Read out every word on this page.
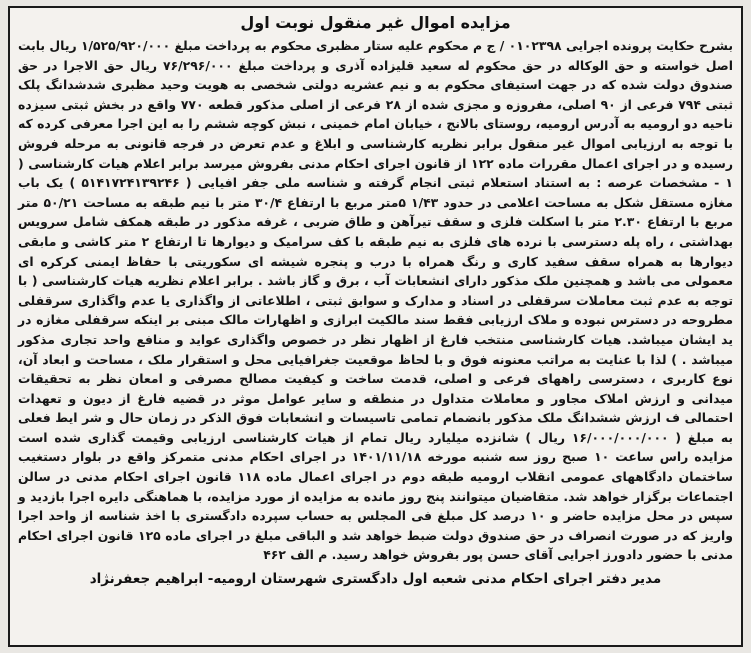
مزایده اموال غیر منقول نوبت اول

بشرح حکایت پرونده اجرایی ۰۱۰۲۳۹۸ / ج م محکوم علیه ستار مظبری محکوم به پرداخت مبلغ ۱/۵۲۵/۹۲۰/۰۰۰ ریال بابت اصل خواسته و حق الوکاله در حق محکوم له سعید قلیزاده آذری و پرداخت مبلغ ۷۶/۲۹۶/۰۰۰ ریال حق الاجرا در حق صندوق دولت شده که در جهت استیفای محکوم به و نیم عشریه دولتی شخصی به هویت وحید مظبری شدشدانگ پلک ثبتی ۷۹۴ فرعی از ۹۰ اصلی، مفروزه و مجزی شده از ۲۸ فرعی از اصلی مذکور قطعه ۷۷۰ واقع در بخش ثبتی سیزده ناحیه دو ارومیه به آدرس ارومیه، روستای بالانج ، خیابان امام خمینی ، نبش کوچه ششم را به این اجرا معرفی کرده که با توجه به ارزیابی اموال غیر منقول برابر نظریه کارشناسی و ابلاغ و عدم تعرض در فرجه قانونی به مرحله فروش رسیده و در اجرای اعمال مقررات ماده ۱۲۲ از قانون اجرای احکام مدنی بفروش میرسد برابر اعلام هیات کارشناسی ( ۱ - مشخصات عرصه : به استناد استعلام ثبتی انجام گرفته و شناسه ملی جفر افیایی ( ۵۱۴۱۷۲۴۱۳۹۲۴۶ ) یک باب مغازه مستقل شکل به مساحت اعلامی در حدود ۱/۴۳ ۵متر مربع با ارتفاع ۳۰/۴ متر با نیم طبقه به مساحت ۵۰/۲۱ متر مربع با ارتفاع ۲.۳۰ متر با اسکلت فلزی و سقف تیرآهن و طاق ضربی ، غرفه مذکور در طبقه همکف شامل سرویس بهداشتی ، راه پله دسترسی با نرده های فلزی به نیم طبقه با کف سرامیک و دیوارها تا ارتفاع ۲ متر کاشی و مابقی دیوارها به همراه سقف سفید کاری و رنگ همراه با درب و پنجره شیشه ای سکوریتی با حفاظ ایمنی کرکره ای معمولی می باشد و همچنین ملک مذکور دارای انشعابات آب ، برق و گاز باشد . برابر اعلام نظریه هیات کارشناسی ( با توجه به عدم ثبت معاملات سرقفلی در اسناد و مدارک و سوابق ثبتی ، اطلاعاتی از واگذاری یا عدم واگذاری سرقفلی مطروحه در دسترس نبوده و ملاک ارزیابی فقط سند مالکیت ابرازی و اظهارات مالک مبنی بر اینکه سرقفلی مغازه در ید ایشان میباشد. هیات کارشناسی منتخب فارغ از اظهار نظر در خصوص واگذاری عواید و منافع واحد تجاری مذکور میباشد . ) لذا با عنایت به مراتب معنونه فوق و با لحاظ موقعیت جغرافیایی محل و استقرار ملک ، مساحت و ابعاد آن، نوع کاربری ، دسترسی راههای فرعی و اصلی، قدمت ساخت و کیفیت مصالح مصرفی و امعان نظر به تحقیقات میدانی و ارزش املاک مجاور و معاملات متداول در منطقه و سایر عوامل موثر در قضیه فارغ از دیون و تعهدات احتمالی ف ارزش ششدانگ ملک مذکور بانضمام تمامی تاسیسات و انشعابات فوق الذکر در زمان حال و شر ایط فعلی به مبلغ ( ۱۶/۰۰۰/۰۰۰/۰۰۰ ریال ) شانزده میلیارد ریال تمام از هیات کارشناسی ارزیابی وقیمت گذاری شده است مزایده راس ساعت ۱۰ صبح روز سه شنبه مورخه ۱۴۰۱/۱۱/۱۸ در اجرای احکام مدنی متمرکز واقع در بلوار دستغیب ساختمان دادگاههای عمومی انقلاب ارومیه طبقه دوم در اجرای اعمال ماده ۱۱۸ قانون اجرای احکام مدنی در سالن اجتماعات برگزار خواهد شد. متقاضیان میتوانند پنج روز مانده به مزایده از مورد مزایده، با هماهنگی دایره اجرا بازدید و سپس در محل مزایده حاضر و ۱۰ درصد کل مبلغ فی المجلس به حساب سپرده دادگستری با اخذ شناسه از واحد اجرا واریز که در صورت انصراف در حق صندوق دولت ضبط خواهد شد و الباقی مبلغ در اجرای ماده ۱۲۵ قانون اجرای احکام مدنی با حضور دادورز اجرایی آقای حسن پور بفروش خواهد رسید. م الف ۴۶۲

مدیر دفتر اجرای احکام مدنی شعبه اول دادگستری شهرستان ارومیه- ابراهیم جعفرنژاد
